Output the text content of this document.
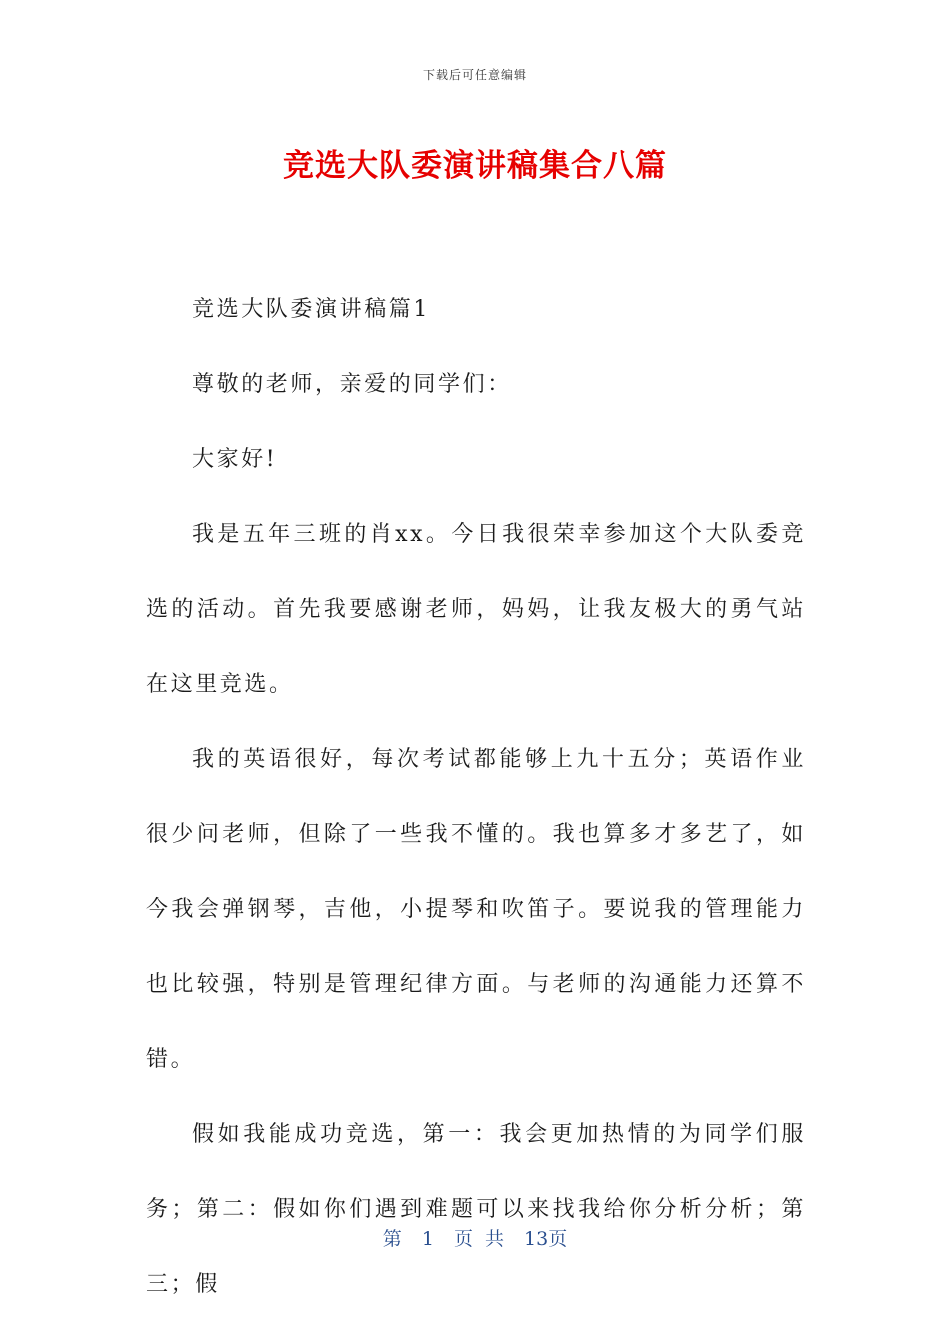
下载后可任意编辑
竞选大队委演讲稿集合八篇

竞选大队委演讲稿篇1

尊敬的老师，亲爱的同学们：

大家好!

我是五年三班的肖xx。今日我很荣幸参加这个大队委竞选的活动。首先我要感谢老师，妈妈，让我友极大的勇气站在这里竞选。

我的英语很好，每次考试都能够上九十五分；英语作业很少问老师，但除了一些我不懂的。我也算多才多艺了，如今我会弹钢琴，吉他，小提琴和吹笛子。要说我的管理能力也比较强，特别是管理纪律方面。与老师的沟通能力还算不错。

假如我能成功竞选，第一：我会更加热情的为同学们服务；第二：假如你们遇到难题可以来找我给你分析分析；第三；假

第 1 页 共 13页
